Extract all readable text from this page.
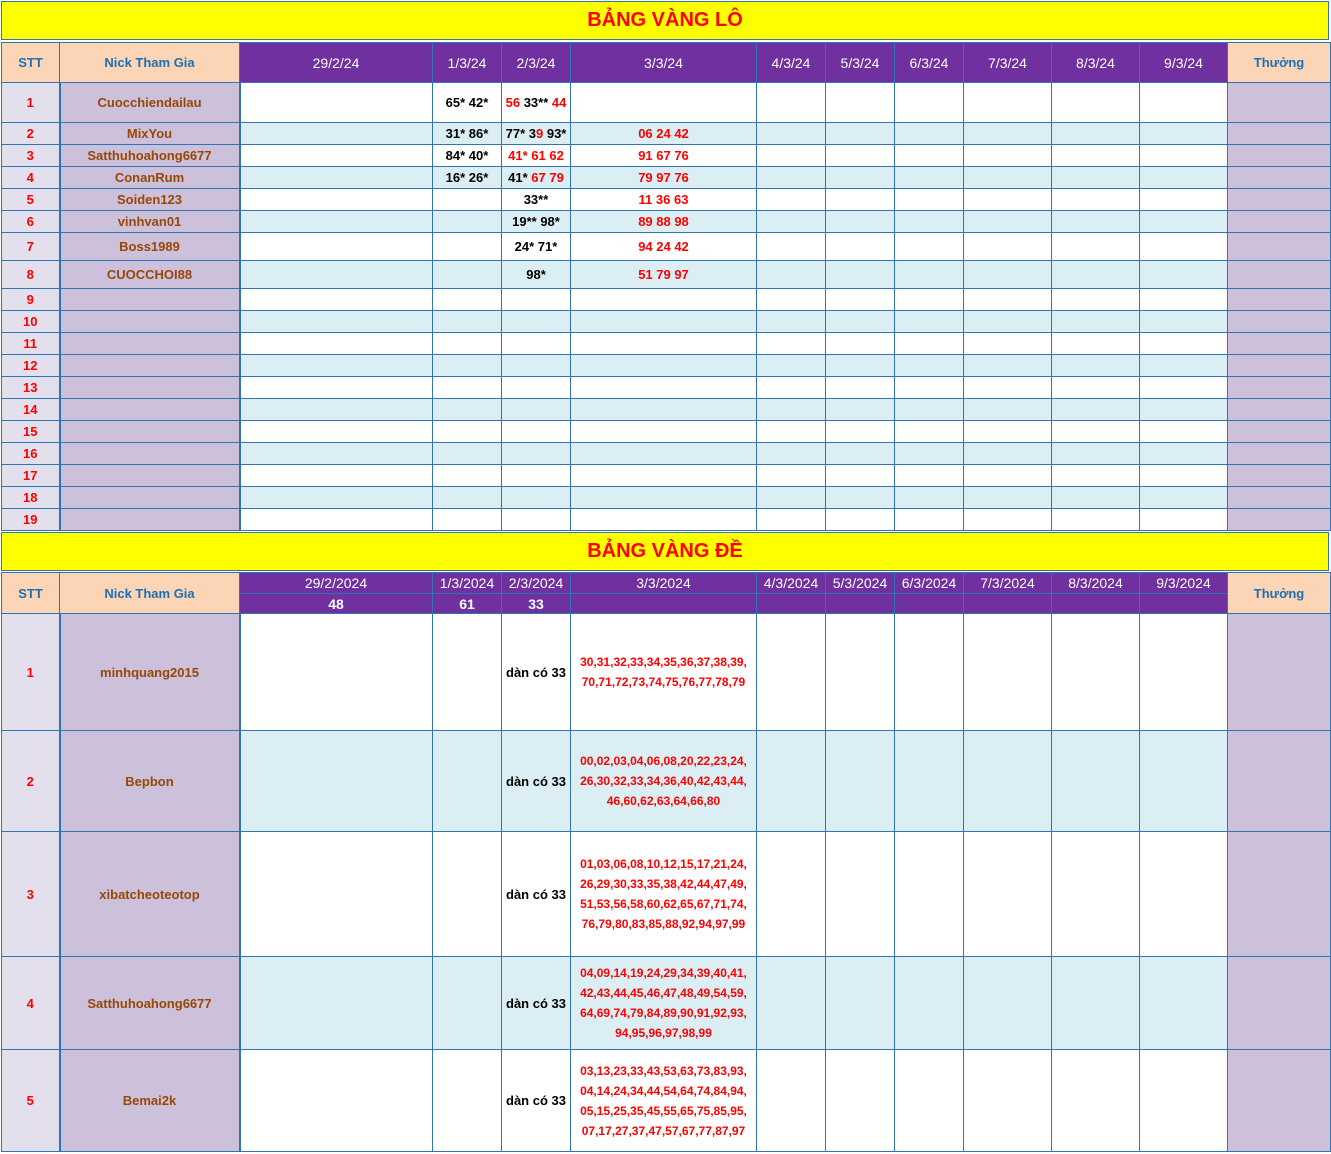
BẢNG VÀNG LÔ
STT	Nick Tham Gia	29/2/24	1/3/24	2/3/24	3/3/24	4/3/24	5/3/24	6/3/24	7/3/24	8/3/24	9/3/24	Thưởng
1	Cuocchiendailau		65* 42*	56 33** 44								
2	MixYou		31* 86*	77* 39 93*	06 24 42							
3	Satthuhoahong6677		84* 40*	41* 61 62	91 67 76							
4	ConanRum		16* 26*	41* 67 79	79 97 76							
5	Soiden123			33**	11 36 63							
6	vinhvan01			19** 98*	89 88 98							
7	Boss1989			24* 71*	94 24 42							
8	CUOCCHOI88			98*	51 79 97							
9												
10												
11												
12												
13												
14												
15												
16												
17												
18												
19												
BẢNG VÀNG ĐỀ
STT	Nick Tham Gia	29/2/2024	1/3/2024	2/3/2024	3/3/2024	4/3/2024	5/3/2024	6/3/2024	7/3/2024	8/3/2024	9/3/2024	Thưởng
		48	61	33								
1	minhquang2015			dàn có 33	30,31,32,33,34,35,36,37,38,39,
70,71,72,73,74,75,76,77,78,79							

2	Bepbon			dàn có 33	00,02,03,04,06,08,20,22,23,24,
26,30,32,33,34,36,40,42,43,44,
46,60,62,63,64,66,80							

3	xibatcheoteotop			dàn có 33	01,03,06,08,10,12,15,17,21,24,
26,29,30,33,35,38,42,44,47,49,
51,53,56,58,60,62,65,67,71,74,
76,79,80,83,85,88,92,94,97,99							

4	Satthuhoahong6677			dàn có 33	04,09,14,19,24,29,34,39,40,41,
42,43,44,45,46,47,48,49,54,59,
64,69,74,79,84,89,90,91,92,93,
94,95,96,97,98,99							

5	Bemai2k			dàn có 33	03,13,23,33,43,53,63,73,83,93,
04,14,24,34,44,54,64,74,84,94,
05,15,25,35,45,55,65,75,85,95,
07,17,27,37,47,57,67,77,87,97							
